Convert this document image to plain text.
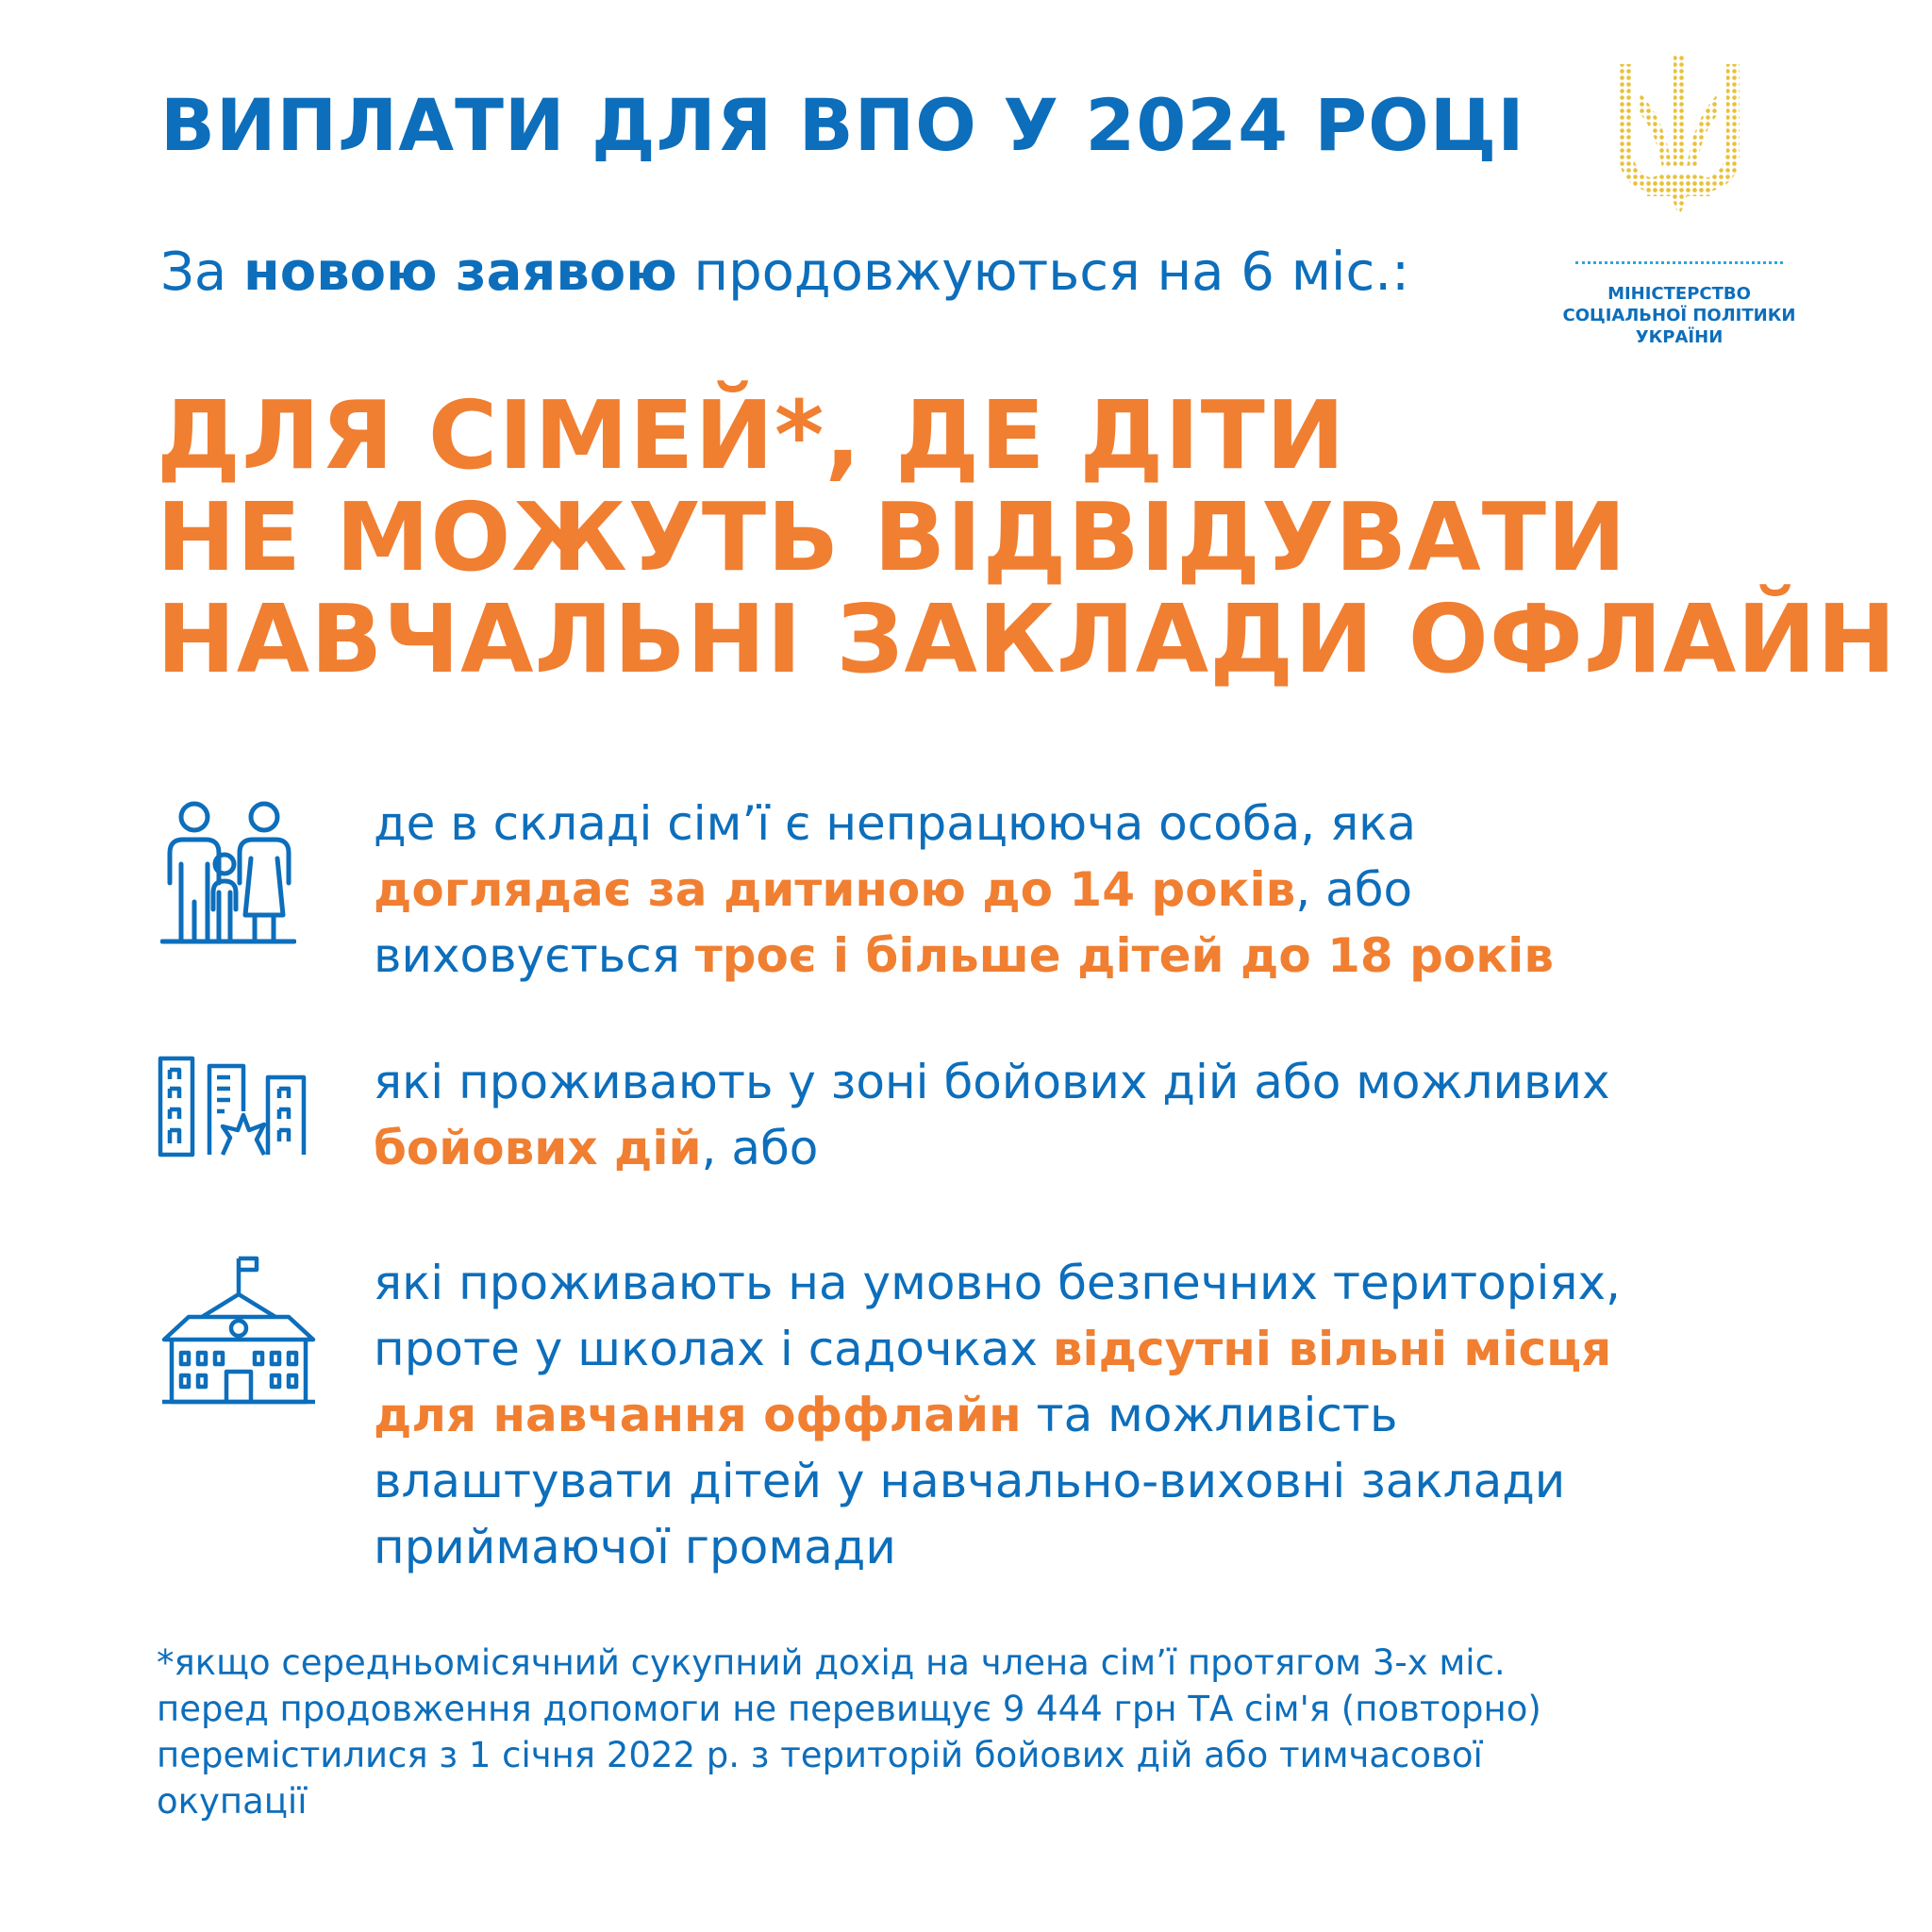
ВИПЛАТИ ДЛЯ ВПО У 2024 РОЦІ
За новою заявою продовжуються на 6 міс.:	МІНІСТЕРСТВО
СОЦІАЛЬНОЇ ПОЛІТИКИ
УКРАЇНИ
ДЛЯ СІМЕЙ*, ДЕ ДІТИ
НЕ МОЖУТЬ ВІДВІДУВАТИ
НАВЧАЛЬНІ ЗАКЛАДИ ОФЛАЙН
де в складі сім’ї є непрацююча особа, яка
доглядає за дитиною до 14 років, або
виховується троє і більше дітей до 18 років
які проживають у зоні бойових дій або можливих
бойових дій, або
які проживають на умовно безпечних територіях,
проте у школах і садочках відсутні вільні місця
для навчання оффлайн та можливість
влаштувати дітей у навчально-виховні заклади
приймаючої громади
*якщо середньомісячний сукупний дохід на члена сім’ї протягом 3-х міс.
перед продовження допомоги не перевищує 9 444 грн ТА сім'я (повторно)
перемістилися з 1 січня 2022 р. з територій бойових дій або тимчасової
окупації
